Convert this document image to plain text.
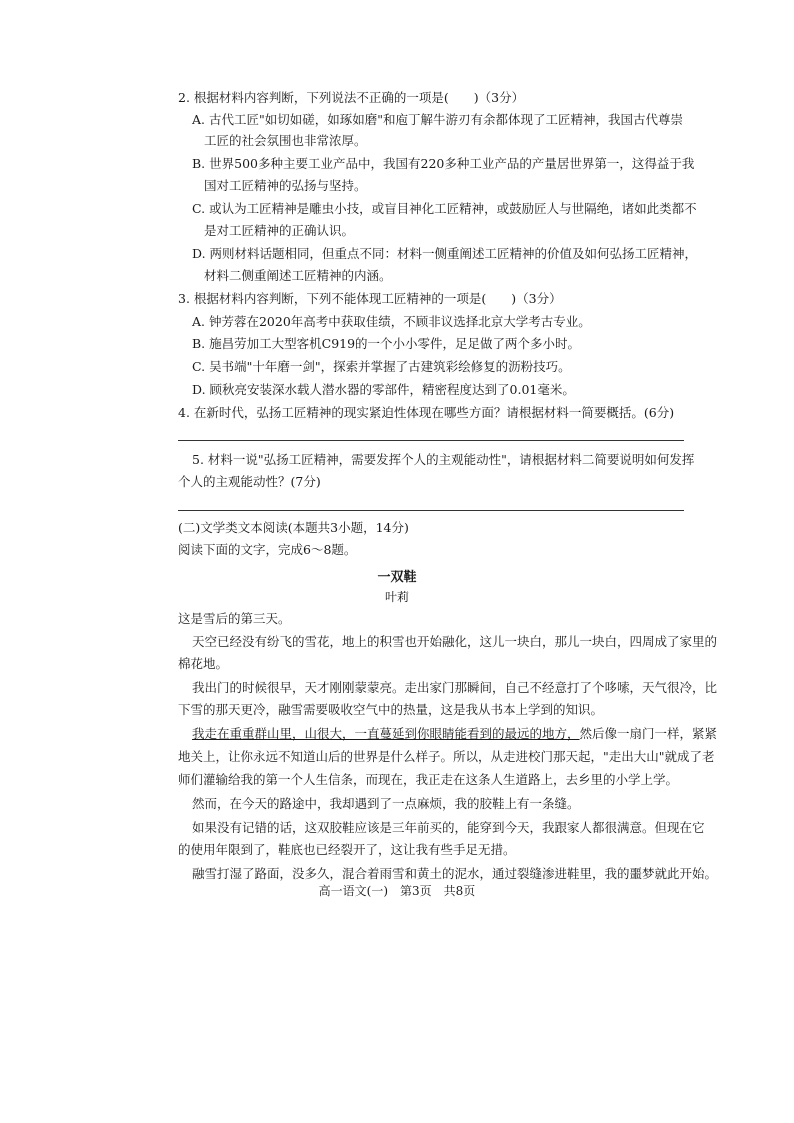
2. 根据材料内容判断，下列说法不正确的一项是(　　)（3分）
A. 古代工匠"如切如磋，如琢如磨"和庖丁解牛游刃有余都体现了工匠精神，我国古代尊崇
工匠的社会氛围也非常浓厚。
B. 世界500多种主要工业产品中，我国有220多种工业产品的产量居世界第一，这得益于我
国对工匠精神的弘扬与坚持。
C. 或认为工匠精神是雕虫小技，或盲目神化工匠精神，或鼓励匠人与世隔绝，诸如此类都不
是对工匠精神的正确认识。
D. 两则材料话题相同，但重点不同：材料一侧重阐述工匠精神的价值及如何弘扬工匠精神，
材料二侧重阐述工匠精神的内涵。
3. 根据材料内容判断，下列不能体现工匠精神的一项是(　　)（3分）
A. 钟芳蓉在2020年高考中获取佳绩，不顾非议选择北京大学考古专业。
B. 施昌劳加工大型客机C919的一个小小零件，足足做了两个多小时。
C. 吴书端"十年磨一剑"，探索并掌握了古建筑彩绘修复的沥粉技巧。
D. 顾秋亮安装深水载人潜水器的零部件，精密程度达到了0.01毫米。
4. 在新时代，弘扬工匠精神的现实紧迫性体现在哪些方面？请根据材料一简要概括。(6分)
5. 材料一说"弘扬工匠精神，需要发挥个人的主观能动性"，请根据材料二简要说明如何发挥
个人的主观能动性？(7分)
(二)文学类文本阅读(本题共3小题，14分)
阅读下面的文字，完成6～8题。
一双鞋
叶莉
这是雪后的第三天。
天空已经没有纷飞的雪花，地上的积雪也开始融化，这儿一块白，那儿一块白，四周成了家里的
棉花地。
我出门的时候很早，天才刚刚蒙蒙亮。走出家门那瞬间，自己不经意打了个哆嗦，天气很冷，比
下雪的那天更冷，融雪需要吸收空气中的热量，这是我从书本上学到的知识。
我走在重重群山里，山很大，一直蔓延到你眼睛能看到的最远的地方，然后像一扇门一样，紧紧
地关上，让你永远不知道山后的世界是什么样子。所以，从走进校门那天起，"走出大山"就成了老
师们灌输给我的第一个人生信条，而现在，我正走在这条人生道路上，去乡里的小学上学。
然而，在今天的路途中，我却遇到了一点麻烦，我的胶鞋上有一条缝。
如果没有记错的话，这双胶鞋应该是三年前买的，能穿到今天，我跟家人都很满意。但现在它
的使用年限到了，鞋底也已经裂开了，这让我有些手足无措。
融雪打湿了路面，没多久，混合着雨雪和黄土的泥水，通过裂缝渗进鞋里，我的噩梦就此开始。
高一语文(一)　第3页　共8页
